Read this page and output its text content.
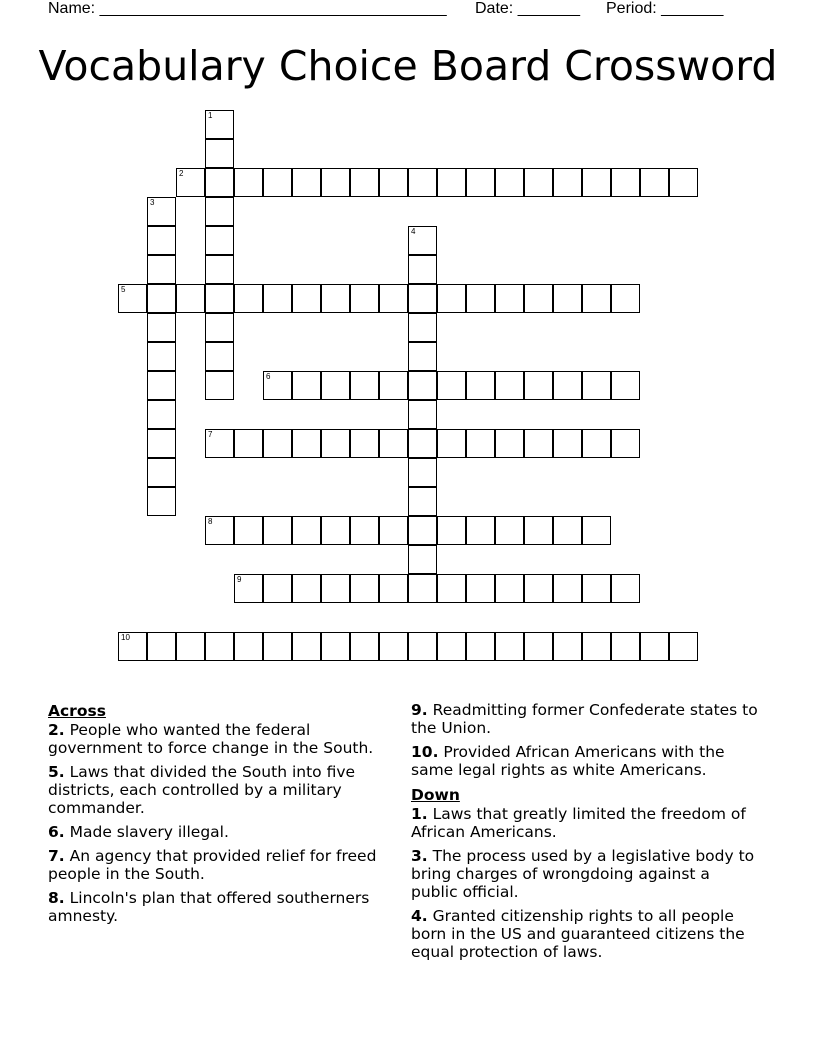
Name: _______________________________________ Date: _______ Period: _______
Vocabulary Choice Board Crossword
1
2
3
4
5
6
7
8
9
10
Across
2. People who wanted the federal government to force change in the South.
5. Laws that divided the South into five districts, each controlled by a military commander.
6. Made slavery illegal.
7. An agency that provided relief for freed people in the South.
8. Lincoln's plan that offered southerners amnesty.
9. Readmitting former Confederate states to the Union.
10. Provided African Americans with the same legal rights as white Americans.
Down
1. Laws that greatly limited the freedom of African Americans.
3. The process used by a legislative body to bring charges of wrongdoing against a public official.
4. Granted citizenship rights to all people born in the US and guaranteed citizens the equal protection of laws.
